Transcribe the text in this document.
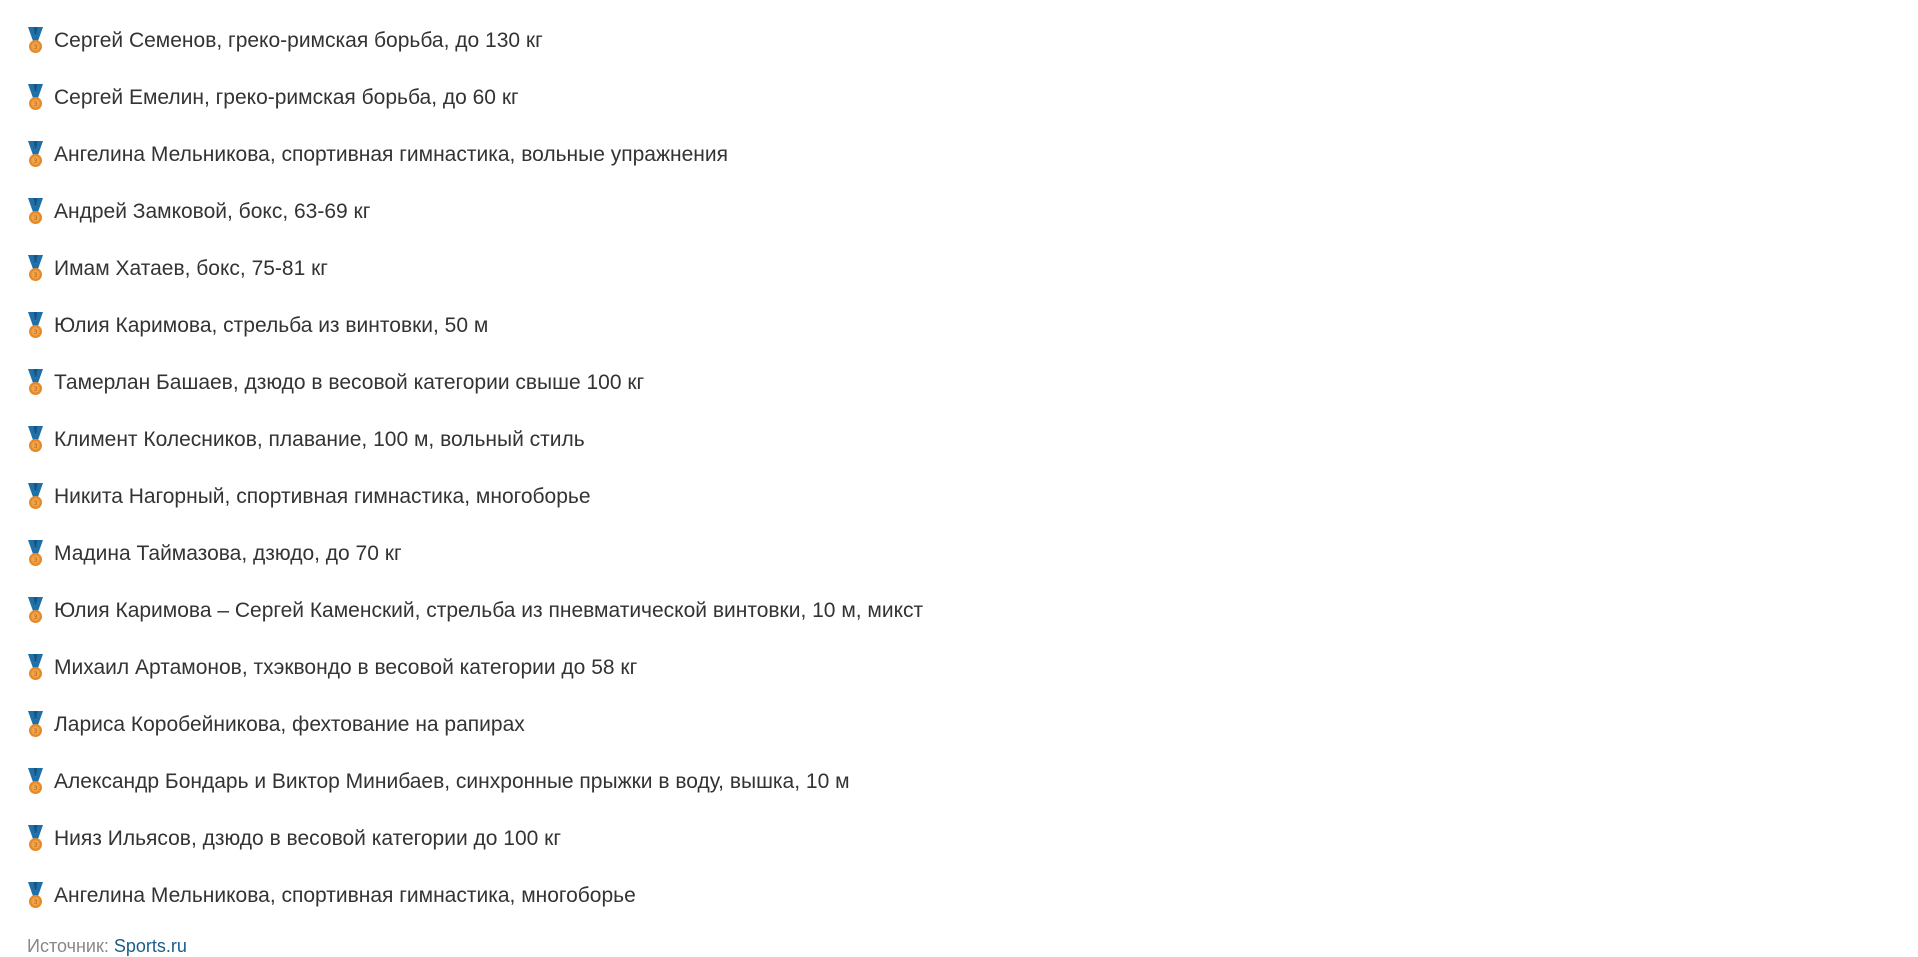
3 Сергей Семенов, греко-римская борьба, до 130 кг
3 Сергей Емелин, греко-римская борьба, до 60 кг
3 Ангелина Мельникова, спортивная гимнастика, вольные упражнения
3 Андрей Замковой, бокс, 63-69 кг
3 Имам Хатаев, бокс, 75-81 кг
3 Юлия Каримова, стрельба из винтовки, 50 м
3 Тамерлан Башаев, дзюдо в весовой категории свыше 100 кг
3 Климент Колесников, плавание, 100 м, вольный стиль
3 Никита Нагорный, спортивная гимнастика, многоборье
3 Мадина Таймазова, дзюдо, до 70 кг
3 Юлия Каримова – Сергей Каменский, стрельба из пневматической винтовки, 10 м, микст
3 Михаил Артамонов, тхэквондо в весовой категории до 58 кг
3 Лариса Коробейникова, фехтование на рапирах
3 Александр Бондарь и Виктор Минибаев, синхронные прыжки в воду, вышка, 10 м
3 Нияз Ильясов, дзюдо в весовой категории до 100 кг
3 Ангелина Мельникова, спортивная гимнастика, многоборье
Источник: Sports.ru
